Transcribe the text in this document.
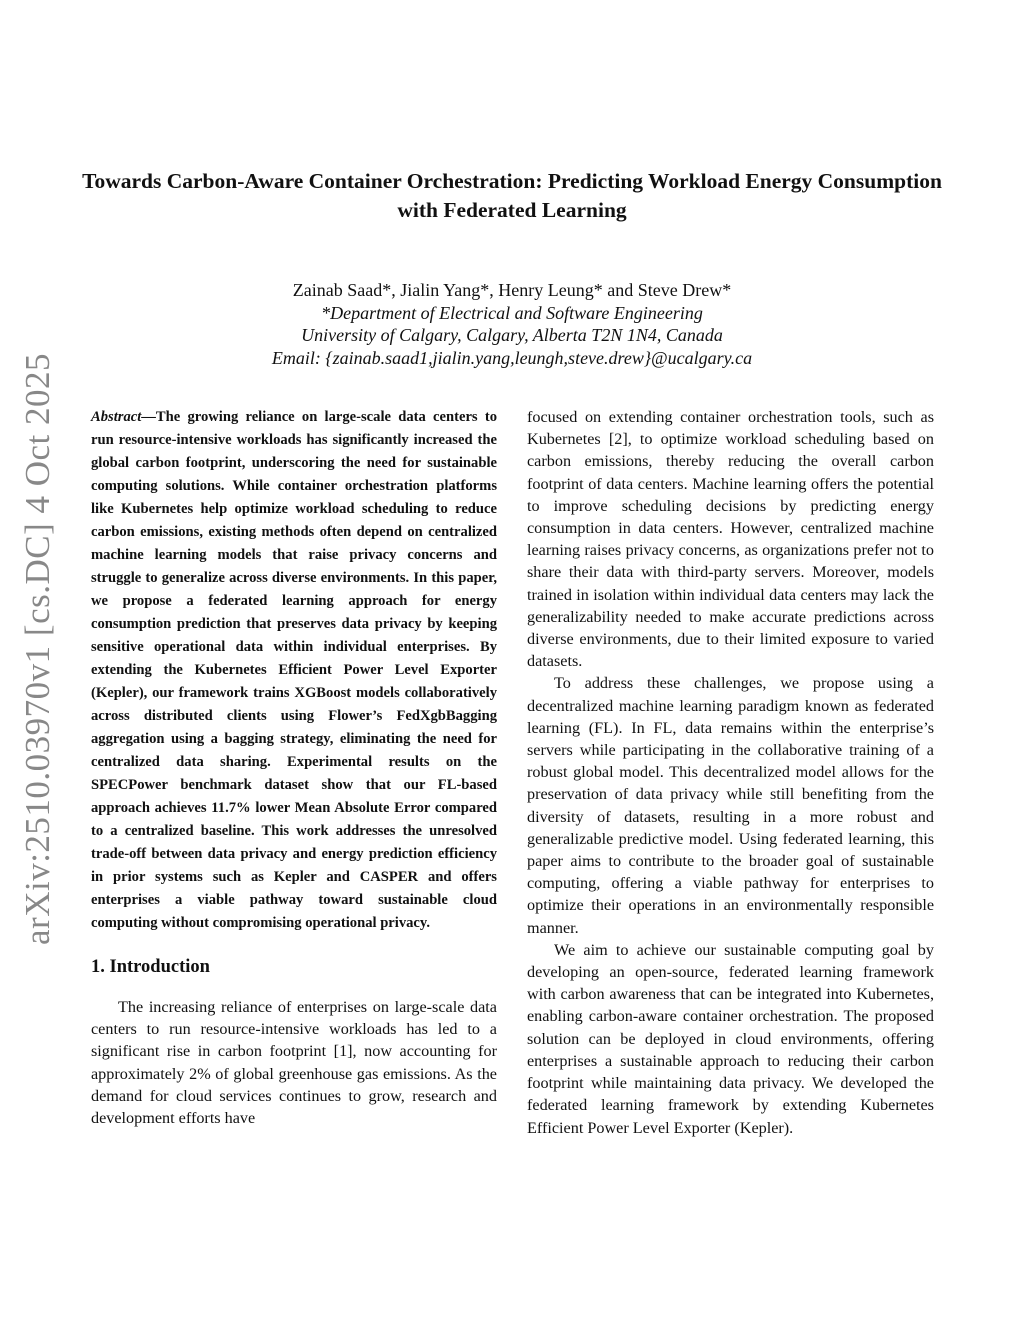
arXiv:2510.03970v1 [cs.DC] 4 Oct 2025
Towards Carbon-Aware Container Orchestration: Predicting Workload Energy Consumption with Federated Learning
Zainab Saad*, Jialin Yang*, Henry Leung* and Steve Drew*
*Department of Electrical and Software Engineering
University of Calgary, Calgary, Alberta T2N 1N4, Canada
Email: {zainab.saad1,jialin.yang,leungh,steve.drew}@ucalgary.ca

Abstract—The growing reliance on large-scale data centers to run resource-intensive workloads has significantly increased the global carbon footprint, underscoring the need for sustainable computing solutions. While container orchestration platforms like Kubernetes help optimize workload scheduling to reduce carbon emissions, existing methods often depend on centralized machine learning models that raise privacy concerns and struggle to generalize across diverse environments. In this paper, we propose a federated learning approach for energy consumption prediction that preserves data privacy by keeping sensitive operational data within individual enterprises. By extending the Kubernetes Efficient Power Level Exporter (Kepler), our framework trains XGBoost models collaboratively across distributed clients using Flower’s FedXgbBagging aggregation using a bagging strategy, eliminating the need for centralized data sharing. Experimental results on the SPECPower benchmark dataset show that our FL-based approach achieves 11.7% lower Mean Absolute Error compared to a centralized baseline. This work addresses the unresolved trade-off between data privacy and energy prediction efficiency in prior systems such as Kepler and CASPER and offers enterprises a viable pathway toward sustainable cloud computing without compromising operational privacy.

1. Introduction

The increasing reliance of enterprises on large-scale data centers to run resource-intensive workloads has led to a significant rise in carbon footprint [1], now accounting for approximately 2% of global greenhouse gas emissions. As the demand for cloud services continues to grow, research and development efforts have

focused on extending container orchestration tools, such as Kubernetes [2], to optimize workload scheduling based on carbon emissions, thereby reducing the overall carbon footprint of data centers. Machine learning offers the potential to improve scheduling decisions by predicting energy consumption in data centers. However, centralized machine learning raises privacy concerns, as organizations prefer not to share their data with third-party servers. Moreover, models trained in isolation within individual data centers may lack the generalizability needed to make accurate predictions across diverse environments, due to their limited exposure to varied datasets.

To address these challenges, we propose using a decentralized machine learning paradigm known as federated learning (FL). In FL, data remains within the enterprise’s servers while participating in the collaborative training of a robust global model. This decentralized model allows for the preservation of data privacy while still benefiting from the diversity of datasets, resulting in a more robust and generalizable predictive model. Using federated learning, this paper aims to contribute to the broader goal of sustainable computing, offering a viable pathway for enterprises to optimize their operations in an environmentally responsible manner.

We aim to achieve our sustainable computing goal by developing an open-source, federated learning framework with carbon awareness that can be integrated into Kubernetes, enabling carbon-aware container orchestration. The proposed solution can be deployed in cloud environments, offering enterprises a sustainable approach to reducing their carbon footprint while maintaining data privacy. We developed the federated learning framework by extending Kubernetes Efficient Power Level Exporter (Kepler).
